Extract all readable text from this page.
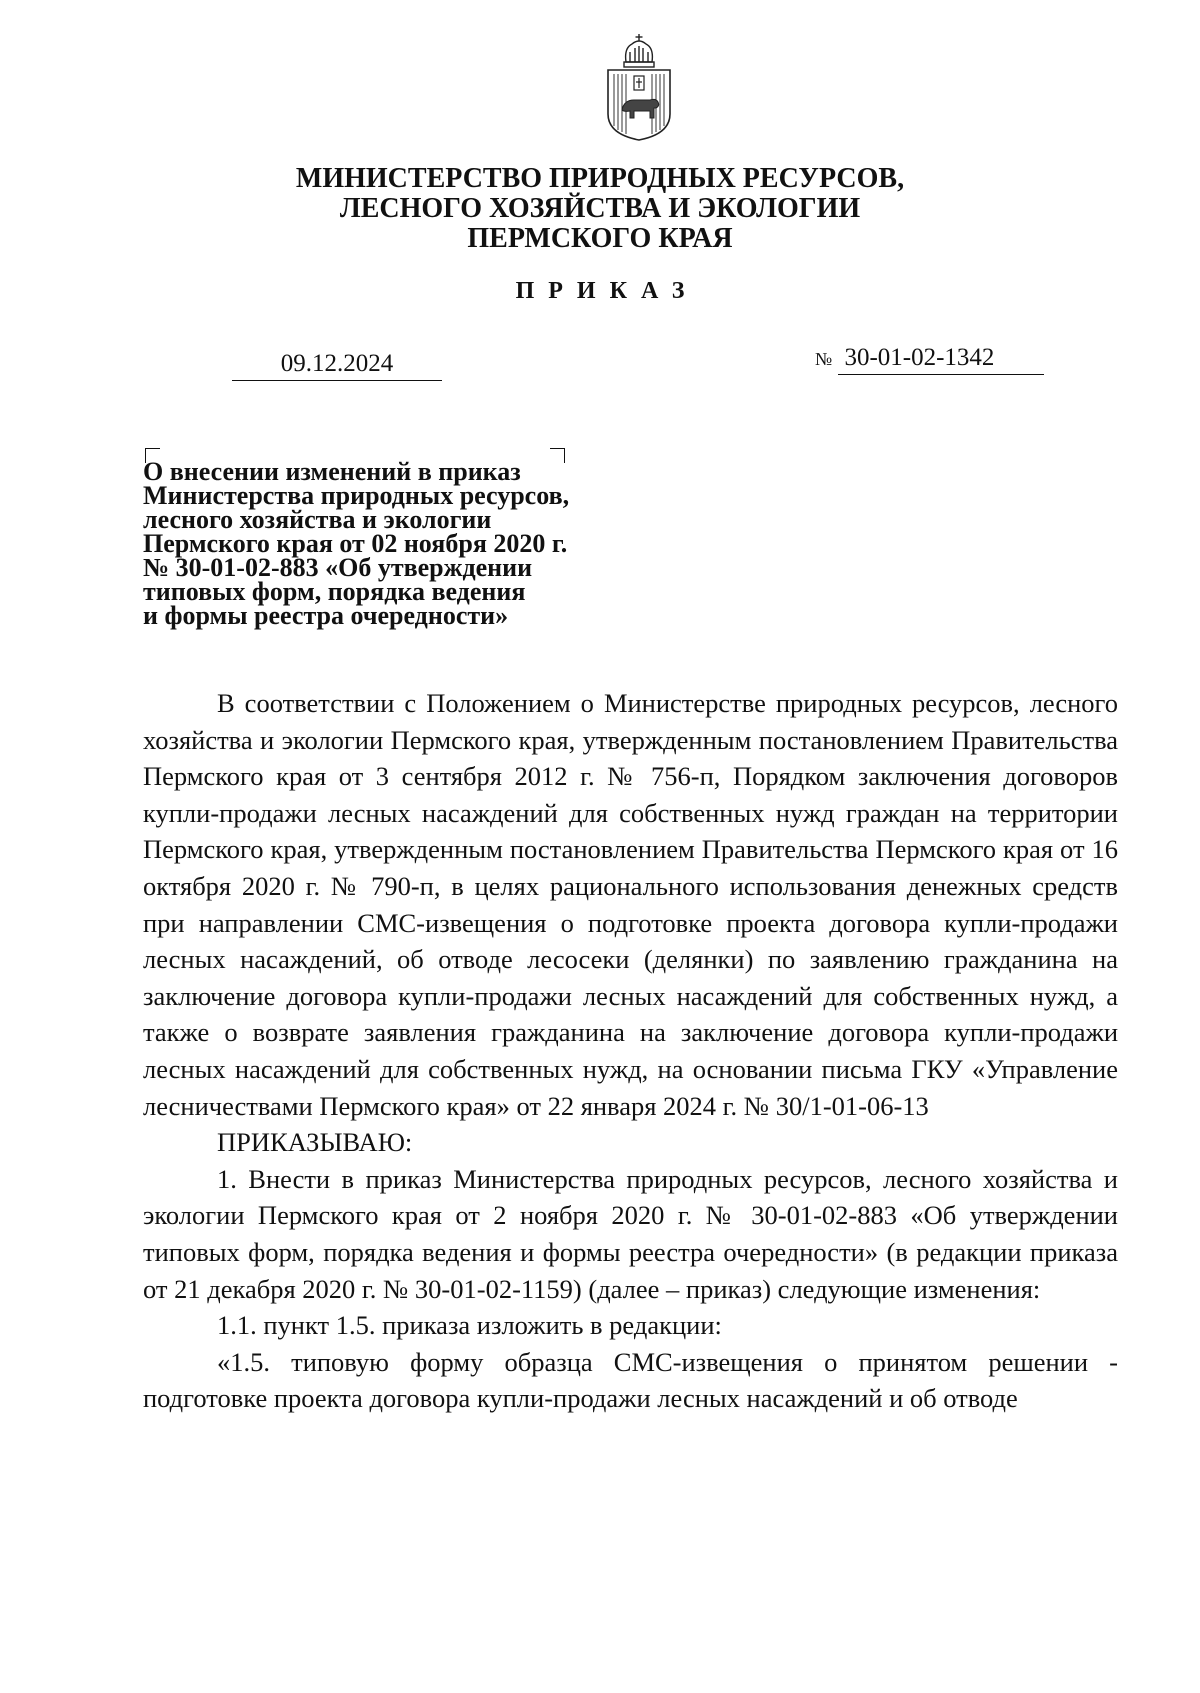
МИНИСТЕРСТВО ПРИРОДНЫХ РЕСУРСОВ,
ЛЕСНОГО ХОЗЯЙСТВА И ЭКОЛОГИИ
ПЕРМСКОГО КРАЯ
ПРИКАЗ
09.12.2024	№ 30-01-02-1342
О внесении изменений в приказ
Министерства природных ресурсов,
лесного хозяйства и экологии
Пермского края от 02 ноября 2020 г.
№ 30-01-02-883 «Об утверждении
типовых форм, порядка ведения
и формы реестра очередности»

В соответствии с Положением о Министерстве природных ресурсов, лесного хозяйства и экологии Пермского края, утвержденным постановлением Правительства Пермского края от 3 сентября 2012 г. № 756-п, Порядком заключения договоров купли-продажи лесных насаждений для собственных нужд граждан на территории Пермского края, утвержденным постановлением Правительства Пермского края от 16 октября 2020 г. № 790-п, в целях рационального использования денежных средств при направлении СМС-извещения о подготовке проекта договора купли-продажи лесных насаждений, об отводе лесосеки (делянки) по заявлению гражданина на заключение договора купли-продажи лесных насаждений для собственных нужд, а также о возврате заявления гражданина на заключение договора купли-продажи лесных насаждений для собственных нужд, на основании письма ГКУ «Управление лесничествами Пермского края» от 22 января 2024 г. № 30/1-01-06-13

ПРИКАЗЫВАЮ:

1. Внести в приказ Министерства природных ресурсов, лесного хозяйства и экологии Пермского края от 2 ноября 2020 г. № 30-01-02-883 «Об утверждении типовых форм, порядка ведения и формы реестра очередности» (в редакции приказа от 21 декабря 2020 г. № 30-01-02-1159) (далее – приказ) следующие изменения:

1.1. пункт 1.5. приказа изложить в редакции:

«1.5. типовую форму образца СМС-извещения о принятом решении - подготовке проекта договора купли-продажи лесных насаждений и об отводе
